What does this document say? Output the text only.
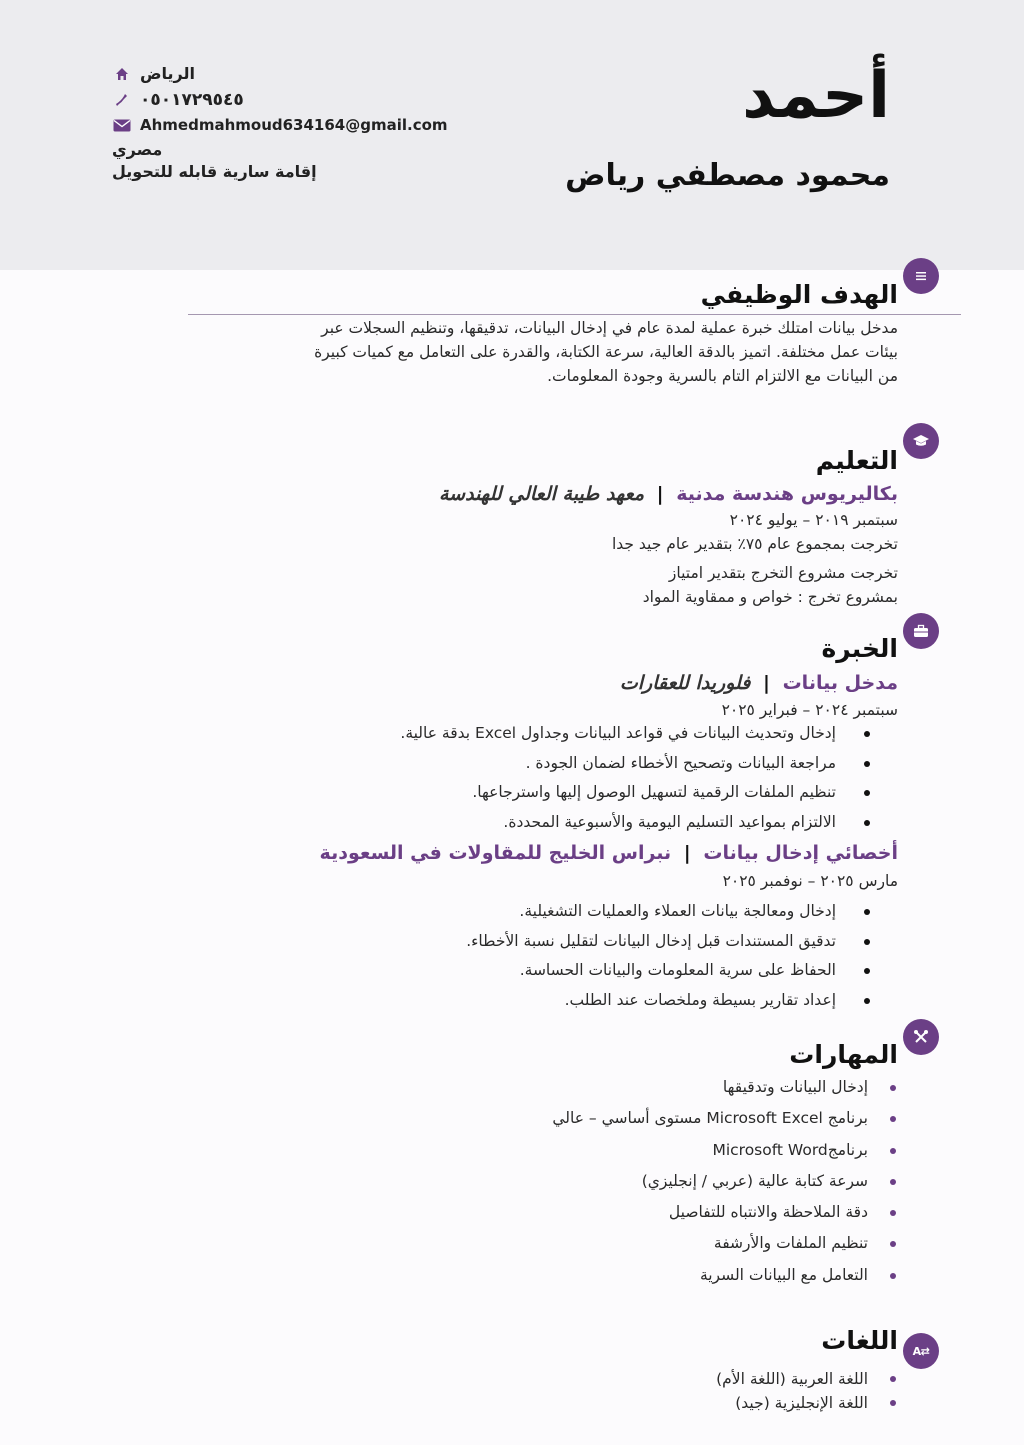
أحمد
محمود مصطفي رياض
الرياض
٠٥٠١٧٢٩٥٤٥
Ahmedmahmoud634164@gmail.com
مصري
إقامة سارية قابله للتحويل
الهدف الوظيفي
مدخل بيانات امتلك خبرة عملية لمدة عام في إدخال البيانات، تدقيقها، وتنظيم السجلات عبر
بيئات عمل مختلفة. اتميز بالدقة العالية، سرعة الكتابة، والقدرة على التعامل مع كميات كبيرة
من البيانات مع الالتزام التام بالسرية وجودة المعلومات.
التعليم
بكاليريوس هندسة مدنية | معهد طيبة العالي للهندسة
سبتمبر ٢٠١٩ – يوليو ٢٠٢٤
تخرجت بمجموع عام ٧٥٪ بتقدير عام جيد جدا
تخرجت مشروع التخرج بتقدير امتياز
بمشروع تخرج : خواص و ممقاوية المواد
الخبرة
مدخل بيانات | فلوريدا للعقارات
سبتمبر ٢٠٢٤ – فبراير ٢٠٢٥
إدخال وتحديث البيانات في قواعد البيانات وجداول Excel بدقة عالية.
مراجعة البيانات وتصحيح الأخطاء لضمان الجودة .
تنظيم الملفات الرقمية لتسهيل الوصول إليها واسترجاعها.
الالتزام بمواعيد التسليم اليومية والأسبوعية المحددة.
أخصائي إدخال بيانات | نبراس الخليج للمقاولات في السعودية
مارس ٢٠٢٥ – نوفمبر ٢٠٢٥
إدخال ومعالجة بيانات العملاء والعمليات التشغيلية.
تدقيق المستندات قبل إدخال البيانات لتقليل نسبة الأخطاء.
الحفاظ على سرية المعلومات والبيانات الحساسة.
إعداد تقارير بسيطة وملخصات عند الطلب.
المهارات
إدخال البيانات وتدقيقها
برنامج Microsoft Excel مستوى أساسي – عالي
برنامجMicrosoft Word
سرعة كتابة عالية (عربي / إنجليزي)
دقة الملاحظة والانتباه للتفاصيل
تنظيم الملفات والأرشفة
التعامل مع البيانات السرية
A⇄
اللغات
اللغة العربية (اللغة الأم)
اللغة الإنجليزية (جيد)
